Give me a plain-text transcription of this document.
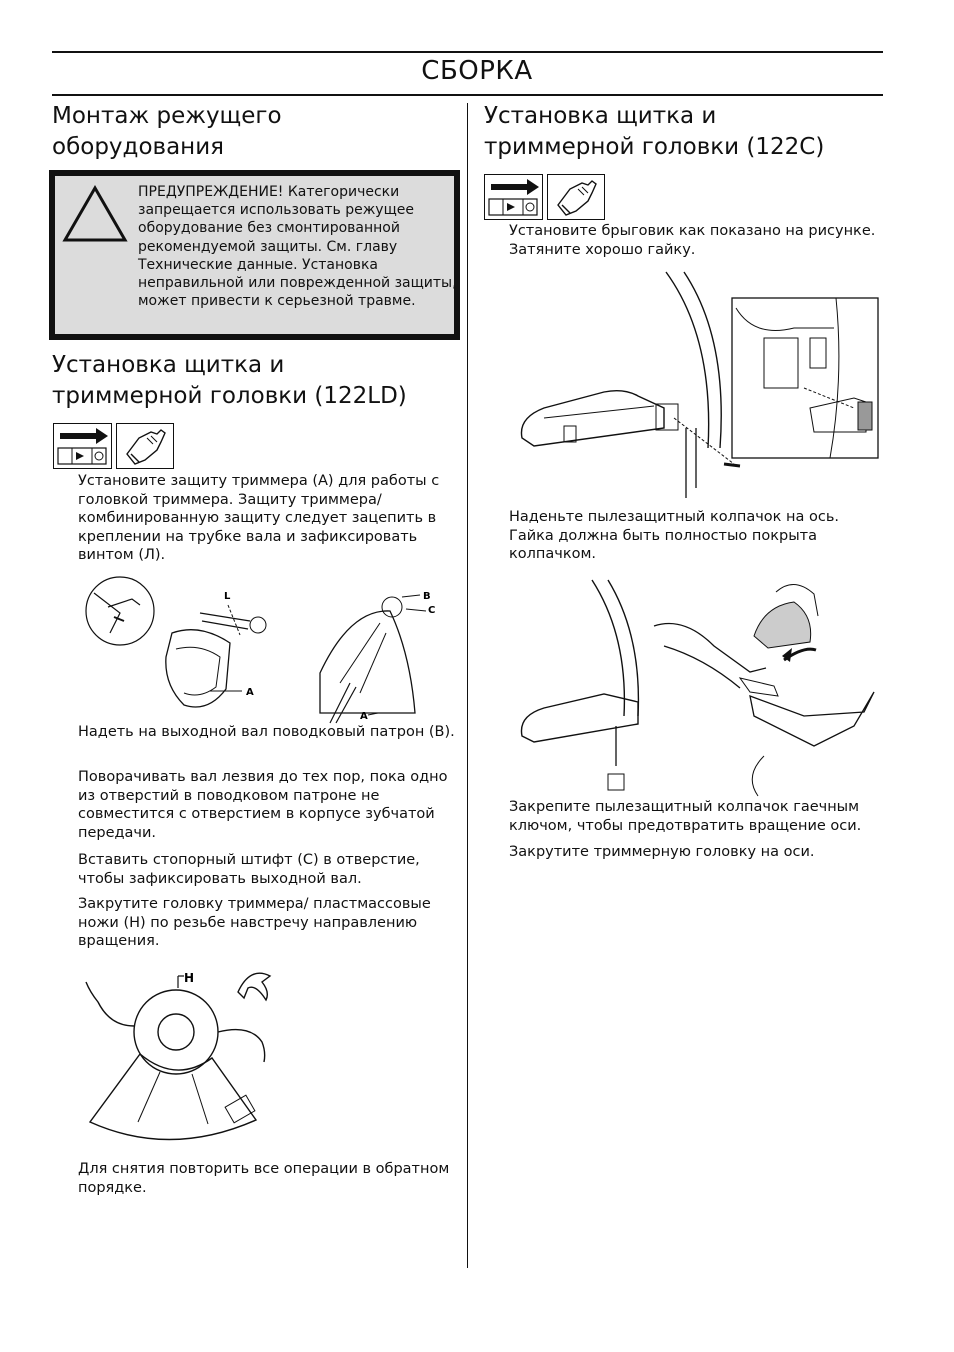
СБОРКА
Монтаж режущего
оборудования
ПРЕДУПРЕЖДЕНИЕ! Категорически запрещается использовать режущее оборудование без смонтированной рекомендуемой защиты. См. главу Технические данные. Установка неправильной или поврежденной защиты, может привести к серьезной травме.
Установка щитка и
триммерной головки (122LD)

Установите защиту триммера (A) для работы с головкой триммера. Защиту триммера/ комбинированную защиту следует зацепить в креплении на трубке вала и зафиксировать винтом (Л).

L
A
B
C
A

Надеть на выходной вал поводковый патрон (B).

Поворачивать вал лезвия до тех пор, пока одно из отверстий в поводковом патроне не совместится с отверстием в корпусе зубчатой передачи.

Вставить стопорный штифт (C) в отверстие, чтобы зафиксировать выходной вал.

Закрутите головку триммера/ пластмассовые ножи (H) по резьбе навстречу направлению вращения.

H

Для снятия повторить все операции в обратном порядке.

Установка щитка и
триммерной головки (122C)

Установите брыговик как показано на рисунке. Затяните хорошо гайку.

Наденьте пылезащитный колпачок на ось. Гайка должна быть полностыо покрыта колпачком.

Закрепите пылезащитный колпачок гаечным ключом, чтобы предотвратить вращение оси.

Закрутите триммерную головку на оси.
